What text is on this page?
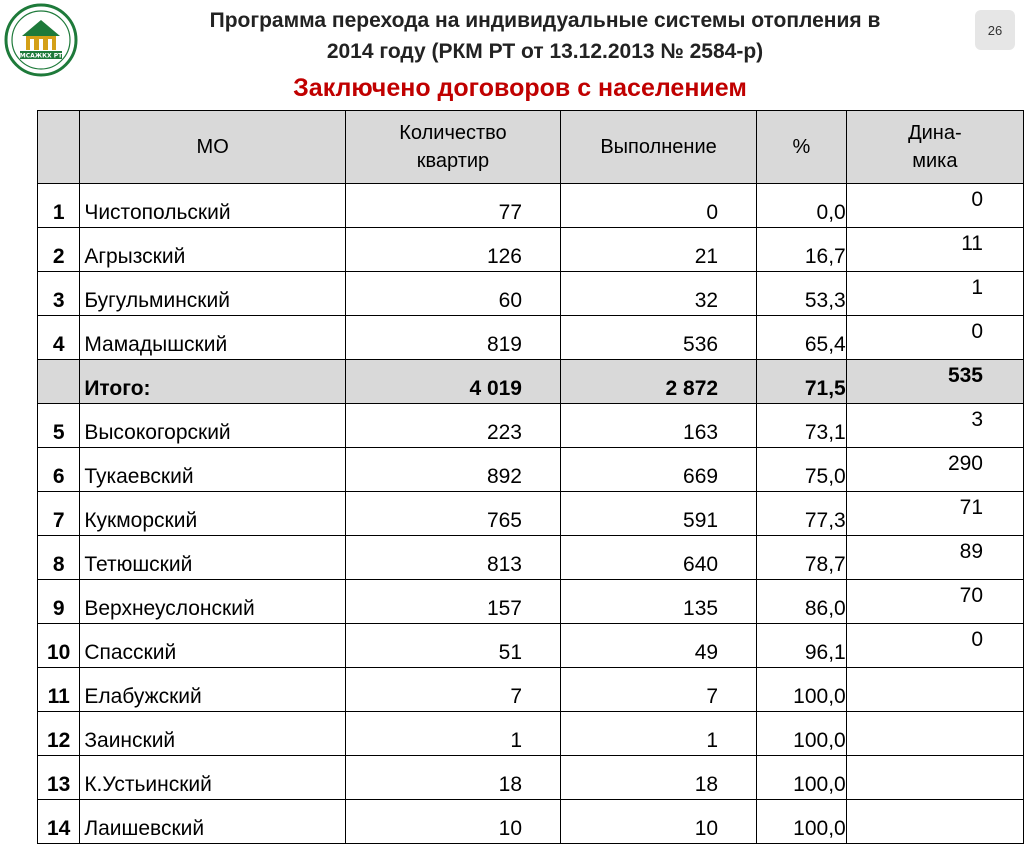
МСАЖКХ РТ
Программа перехода на индивидуальные системы отопления в
2014 году (РКМ РТ от 13.12.2013 № 2584-р)
Заключено договоров с населением
26
	МО	Количество
квартир	Выполнение	%	Дина-
мика
1	Чистопольский	77	0	0,0	0
2	Агрызский	126	21	16,7	11
3	Бугульминский	60	32	53,3	1
4	Мамадышский	819	536	65,4	0
	Итого:	4 019	2 872	71,5	535
5	Высокогорский	223	163	73,1	3
6	Тукаевский	892	669	75,0	290
7	Кукморский	765	591	77,3	71
8	Тетюшский	813	640	78,7	89
9	Верхнеуслонский	157	135	86,0	70
10	Спасский	51	49	96,1	0
11	Елабужский	7	7	100,0	
12	Заинский	1	1	100,0	
13	К.Устьинский	18	18	100,0	
14	Лаишевский	10	10	100,0	
